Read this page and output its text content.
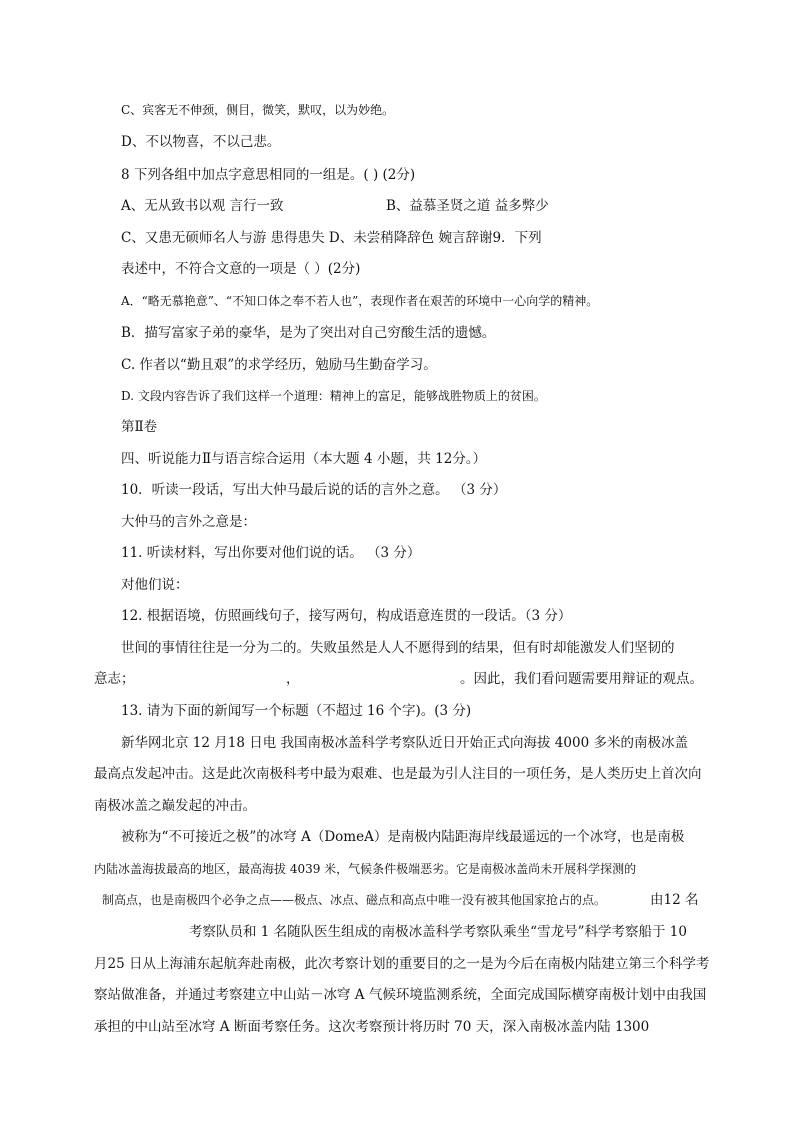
C、宾客无不伸颈，侧目，微笑，默叹，以为妙绝。
D、不以物喜，不以己悲。
8 下列各组中加点字意思相同的一组是。( ) (2分)
A、无从致书以观 言行一致	B、益慕圣贤之道 益多弊少
C、又患无硕师名人与游 患得患失 D、未尝稍降辞色 婉言辞谢9．下列
表述中，不符合文意的一项是（ ）(2分)
A．“略无慕艳意”、“不知口体之奉不若人也”，表现作者在艰苦的环境中一心向学的精神。
B．描写富家子弟的豪华，是为了突出对自己穷酸生活的遗憾。
C. 作者以“勤且艰”的求学经历，勉励马生勤奋学习。
D. 文段内容告诉了我们这样一个道理：精神上的富足，能够战胜物质上的贫困。
第Ⅱ卷
四、听说能力Ⅱ与语言综合运用（本大题 4 小题，共 12分。）
10．听读一段话，写出大仲马最后说的话的言外之意。 （3 分）
大仲马的言外之意是：
11. 听读材料，写出你要对他们说的话。 （3 分）
对他们说：
12. 根据语境，仿照画线句子，接写两句，构成语意连贯的一段话。（3 分）
世间的事情往往是一分为二的。失败虽然是人人不愿得到的结果，但有时却能激发人们坚韧的
意志；	，	。因此，我们看问题需要用辩证的观点。
13. 请为下面的新闻写一个标题（不超过 16 个字)。(3 分)
新华网北京 12 月18 日电 我国南极冰盖科学考察队近日开始正式向海拔 4000 多米的南极冰盖
最高点发起冲击。这是此次南极科考中最为艰难、也是最为引人注目的一项任务，是人类历史上首次向
南极冰盖之巅发起的冲击。
被称为“不可接近之极”的冰穹 A（DomeA）是南极内陆距海岸线最遥远的一个冰穹，也是南极
内陆冰盖海拔最高的地区，最高海拔 4039 米，气候条件极端恶劣。它是南极冰盖尚未开展科学探测的
制高点，也是南极四个必争之点——极点、冰点、磁点和高点中唯一没有被其他国家抢占的点。	由12 名
考察队员和 1 名随队医生组成的南极冰盖科学考察队乘坐“雪龙号”科学考察船于 10
月25 日从上海浦东起航奔赴南极，此次考察计划的重要目的之一是为今后在南极内陆建立第三个科学考
察站做准备，并通过考察建立中山站－冰穹 A 气候环境监测系统，全面完成国际横穿南极计划中由我国
承担的中山站至冰穹 A 断面考察任务。这次考察预计将历时 70 天，深入南极冰盖内陆 1300
